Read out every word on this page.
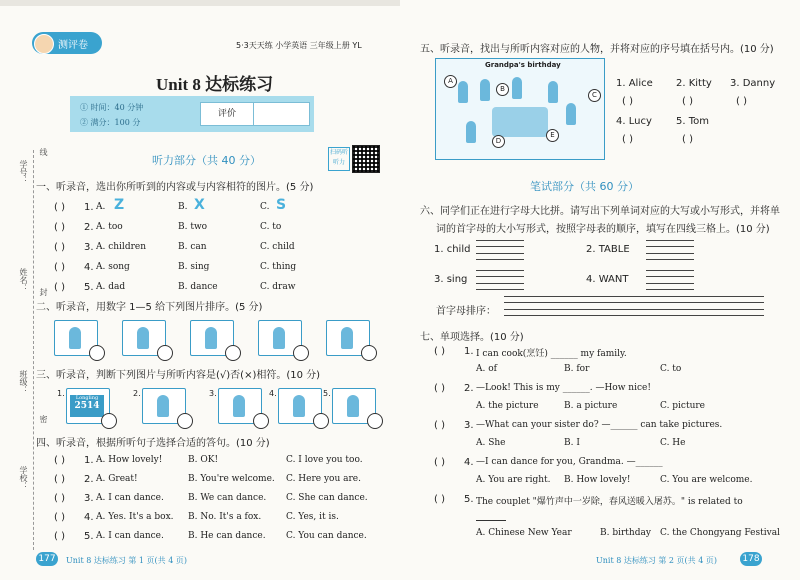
学号：
姓名：
班级：
学校：
线
封
密
测评卷	5·3天天练 小学英语 三年级上册 YL
Unit 8 达标练习
① 时间：40 分钟
② 满分：100 分
评价
扫码听听力
听力部分（共 40 分）
一、听录音，选出你所听到的内容或与内容相符的图片。(5 分)
二、听录音，用数字 1—5 给下列图片排序。(5 分)
三、听录音，判断下列图片与所听内容是(√)否(×)相符。(10 分)
1.	Longling
2514
2.	3.	4.	5.
四、听录音，根据所听句子选择合适的答句。(10 分)
177	Unit 8 达标练习 第 1 页(共 4 页)
( ) 1. A. Z	B. X	C. S
( ) 2. A. too	B. two	C. to
( ) 3. A. children	B. can	C. child
( ) 4. A. song	B. sing	C. thing
( ) 5. A. dad	B. dance	C. draw
( ) 1. A. How lovely!	B. OK!	C. I love you too.
( ) 2. A. Great!	B. You're welcome. C. Here you are.
( ) 3. A. I can dance.	B. We can dance. C. She can dance.
( ) 4. A. Yes. It's a box. B. No. It's a fox.	C. Yes, it is.
( ) 5. A. I can dance.	B. He can dance. C. You can dance.
五、听录音，找出与所听内容对应的人物，并将对应的序号填在括号内。(10 分)
Grandpa's birthday
A
B
C
D
E
1. Alice 2. Kitty 3. Danny
( )	( )	( )
4. Lucy 5. Tom
( )	( )
笔试部分（共 60 分）
六、同学们正在进行字母大比拼。请写出下列单词对应的大写或小写形式，并将单
词的首字母的大小写形式，按照字母表的顺序，填写在四线三格上。(10 分)
1. child	2. TABLE
3. sing	4. WANT
首字母排序：
七、单项选择。(10 分)
Unit 8 达标练习 第 2 页(共 4 页)	178
( ) 1. I can cook(烹饪) ______ my family.
A. of	B. for	C. to
( ) 2. —Look! This is my ______. —How nice!
A. the picture	B. a picture	C. picture
( ) 3. —What can your sister do? —______ can take pictures.
A. She	B. I	C. He
( ) 4. —I can dance for you, Grandma. —______
A. You are right. B. How lovely!	C. You are welcome.
( ) 5. The couplet "爆竹声中一岁除，春风送暖入屠苏。" is related to
A. Chinese New Year	B. birthday C. the Chongyang Festival
